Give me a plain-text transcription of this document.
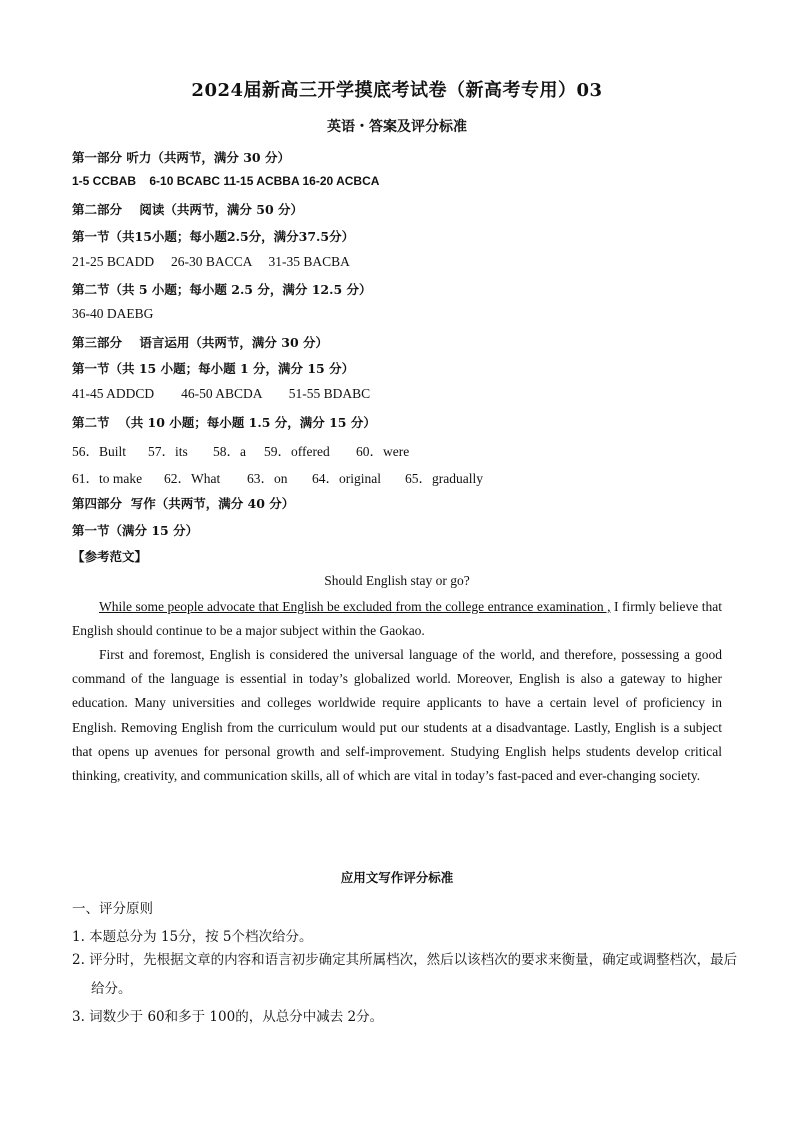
2024届新高三开学摸底考试卷（新高考专用）03
英语・答案及评分标准
第一部分 听力（共两节，满分 30 分）
1-5 CCBAB    6-10 BCABC 11-15 ACBBA 16-20 ACBCA
第二部分    阅读（共两节，满分 50 分）
第一节（共15小题；每小题2.5分，满分37.5分）
21-25 BCADD     26-30 BACCA     31-35 BACBA
第二节（共 5 小题；每小题 2.5 分，满分 12.5 分）
36-40 DAEBG
第三部分    语言运用（共两节，满分 30 分）
第一节（共 15 小题；每小题 1 分，满分 15 分）
41-45 ADDCD        46-50 ABCDA        51-55 BDABC
第二节  （共 10 小题；每小题 1.5 分，满分 15 分）
56．Built 57．its 58．a 59．offered 60．were
61．to make 62．What 63．on 64．original 65．gradually
第四部分  写作（共两节，满分 40 分）
第一节（满分 15 分）
【参考范文】
Should English stay or go?
While some people advocate that English be excluded from the college entrance examination , I firmly believe that English should continue to be a major subject within the Gaokao.
First and foremost, English is considered the universal language of the world, and therefore, possessing a good command of the language is essential in today’s globalized world. Moreover, English is also a gateway to higher education. Many universities and colleges worldwide require applicants to have a certain level of proficiency in English. Removing English from the curriculum would put our students at a disadvantage. Lastly, English is a subject that opens up avenues for personal growth and self-improvement. Studying English helps students develop critical thinking, creativity, and communication skills, all of which are vital in today’s fast-paced and ever-changing society.
应用文写作评分标准
一、评分原则
1. 本题总分为 15分，按 5个档次给分。
2. 评分时，先根据文章的内容和语言初步确定其所属档次，然后以该档次的要求来衡量，确定或调整档次，最后给分。
3. 词数少于 60和多于 100的，从总分中减去 2分。
